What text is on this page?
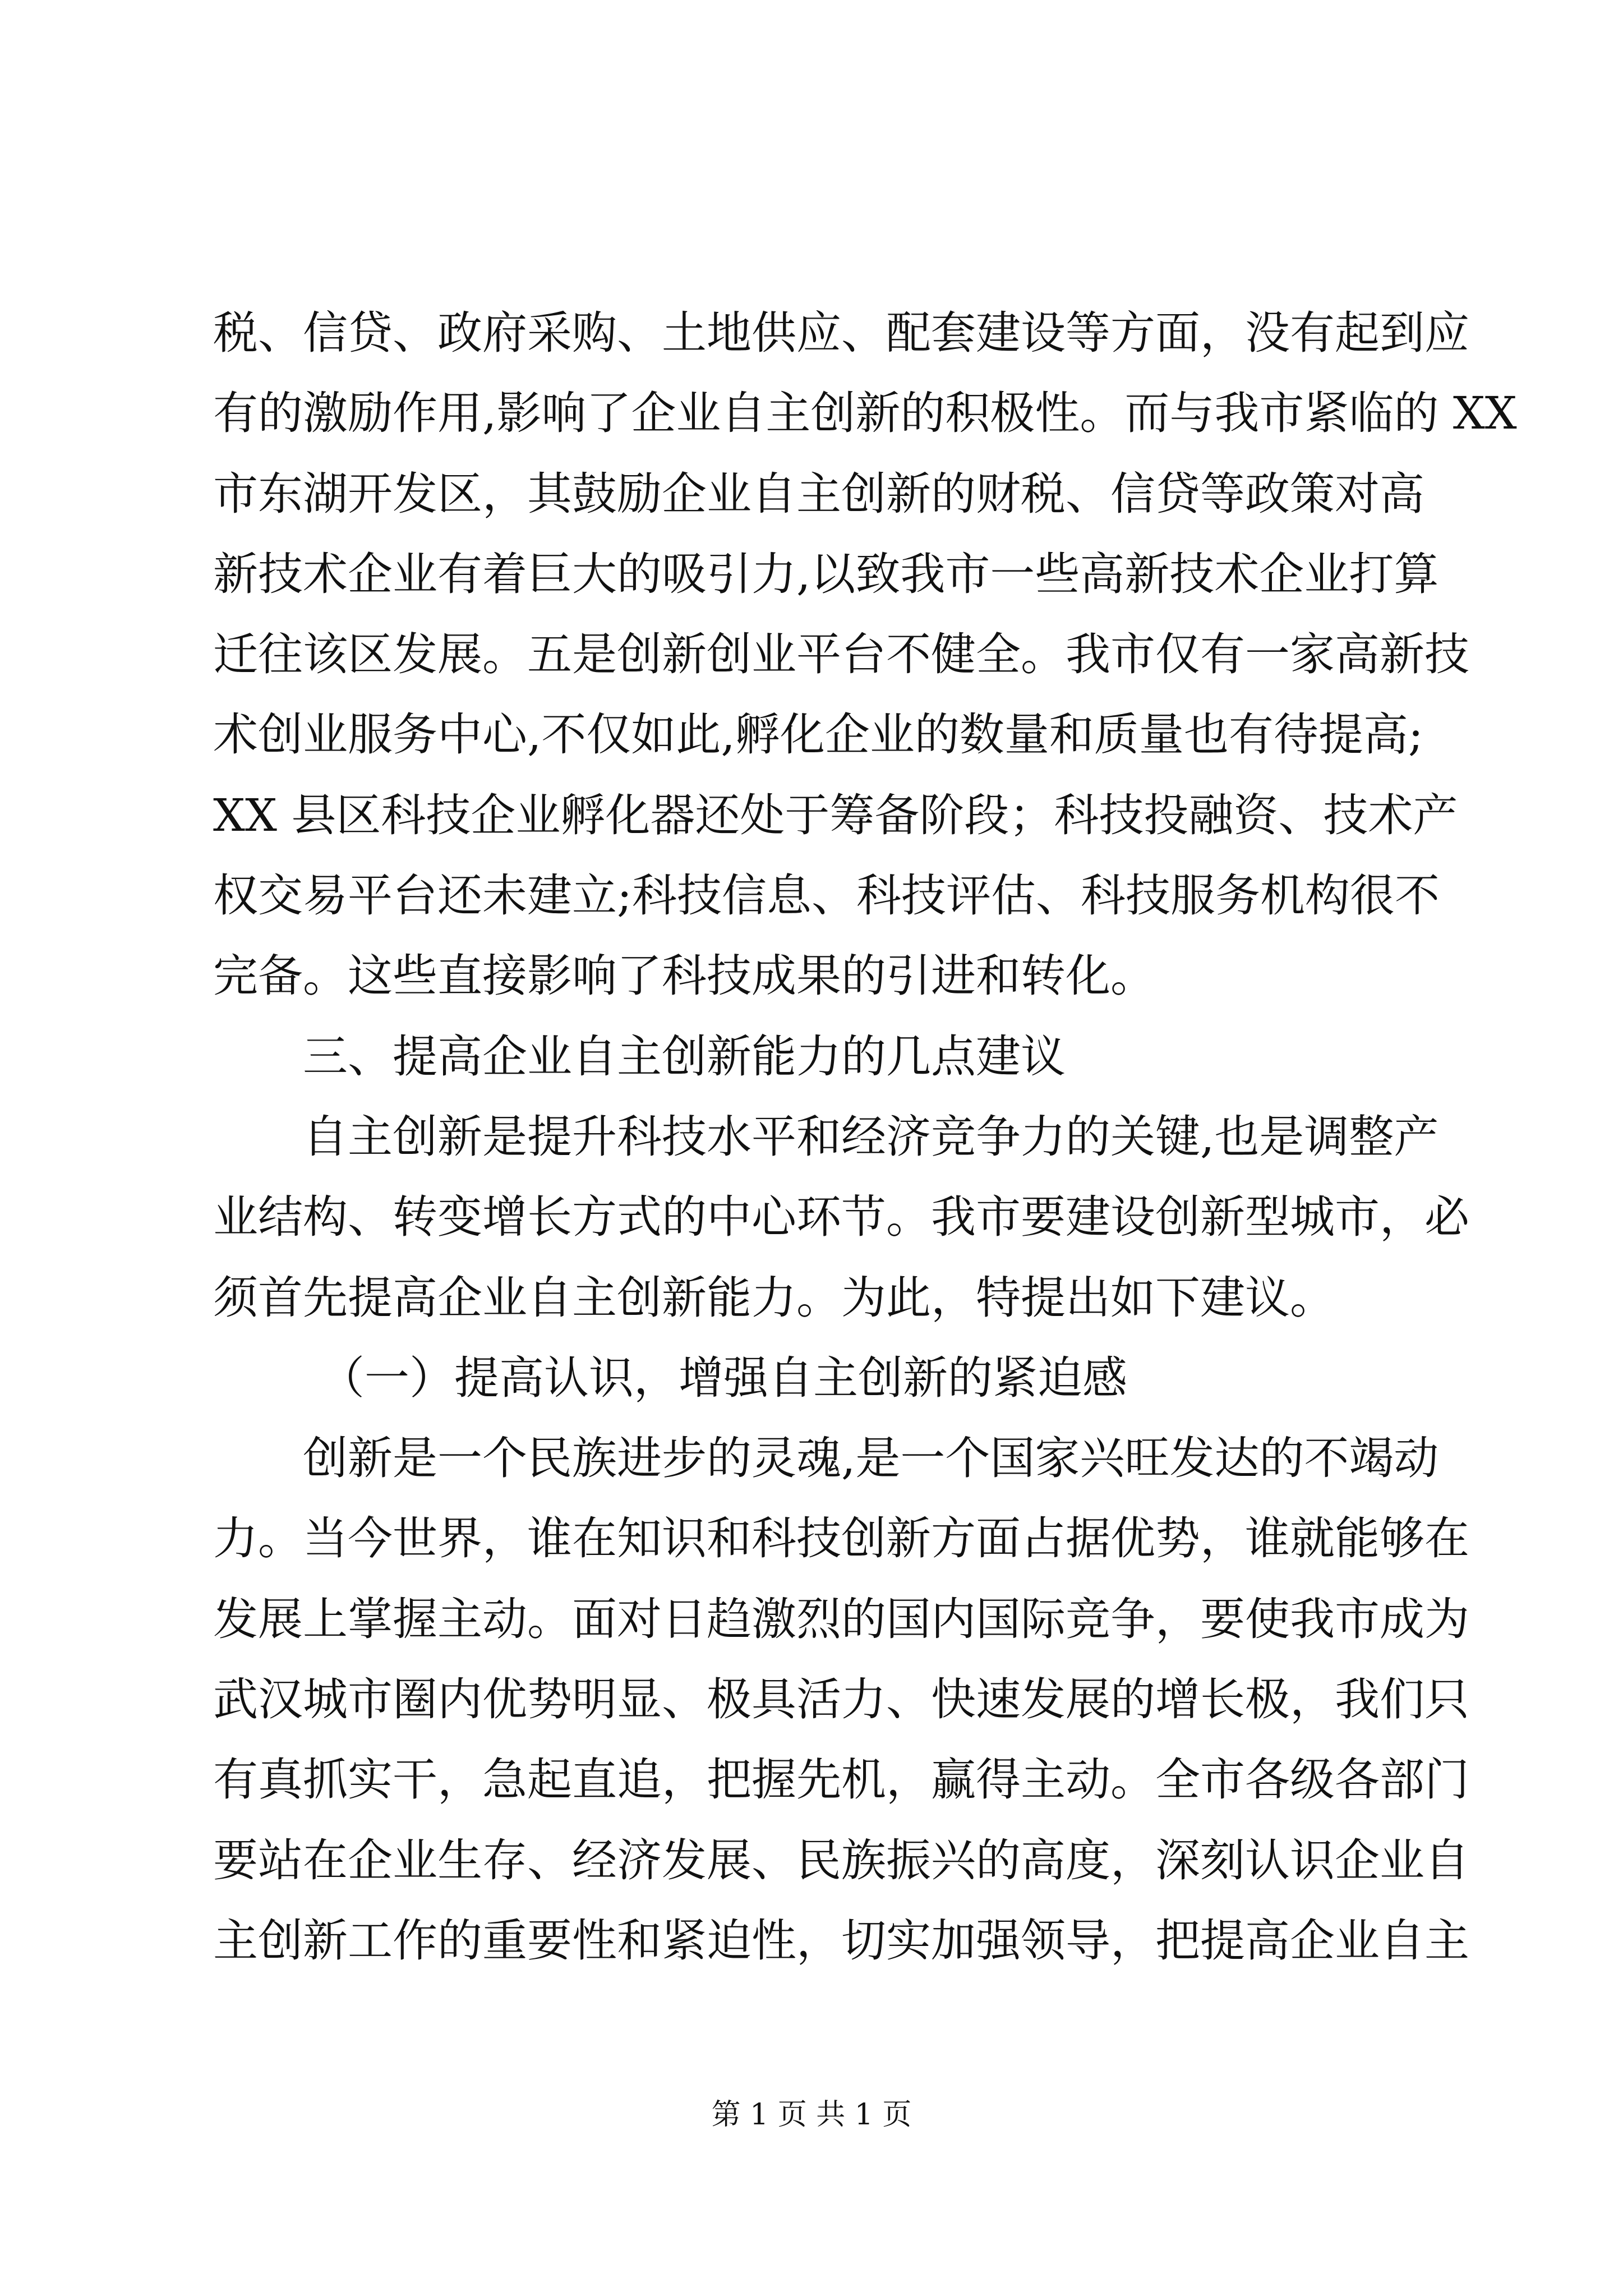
税、信贷、政府采购、土地供应、配套建设等方面，没有起到应
有的激励作用,影响了企业自主创新的积极性。而与我市紧临的 XX
市东湖开发区，其鼓励企业自主创新的财税、信贷等政策对高
新技术企业有着巨大的吸引力,以致我市一些高新技术企业打算
迁往该区发展。五是创新创业平台不健全。我市仅有一家高新技
术创业服务中心,不仅如此,孵化企业的数量和质量也有待提高;
XX 县区科技企业孵化器还处于筹备阶段；科技投融资、技术产
权交易平台还未建立;科技信息、科技评估、科技服务机构很不
完备。这些直接影响了科技成果的引进和转化。
三、提高企业自主创新能力的几点建议
自主创新是提升科技水平和经济竞争力的关键,也是调整产
业结构、转变增长方式的中心环节。我市要建设创新型城市，必
须首先提高企业自主创新能力。为此，特提出如下建议。
（一）提高认识，增强自主创新的紧迫感
创新是一个民族进步的灵魂,是一个国家兴旺发达的不竭动
力。当今世界，谁在知识和科技创新方面占据优势，谁就能够在
发展上掌握主动。面对日趋激烈的国内国际竞争，要使我市成为
武汉城市圈内优势明显、极具活力、快速发展的增长极，我们只
有真抓实干，急起直追，把握先机，赢得主动。全市各级各部门
要站在企业生存、经济发展、民族振兴的高度，深刻认识企业自
主创新工作的重要性和紧迫性，切实加强领导，把提高企业自主
第 1 页 共 1 页
